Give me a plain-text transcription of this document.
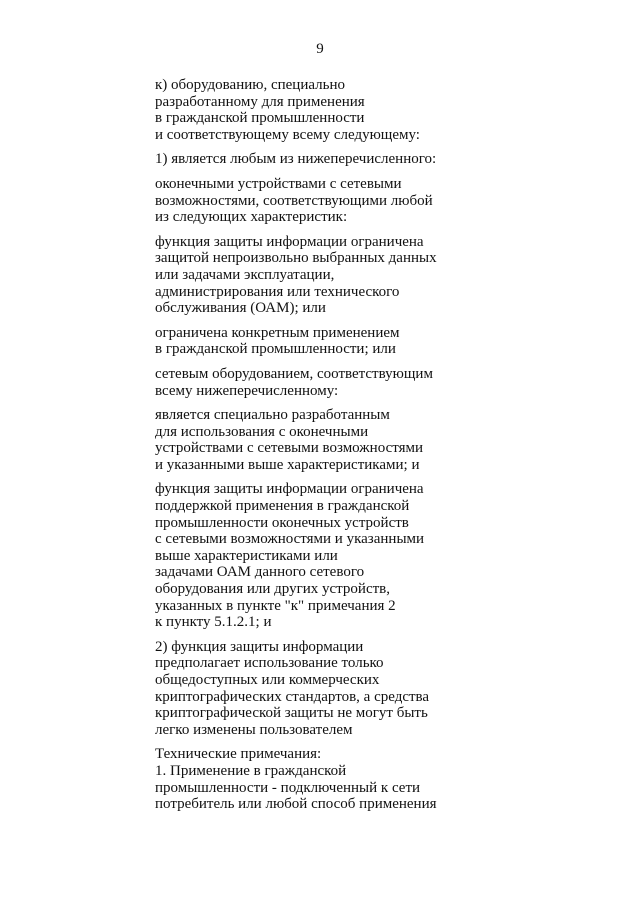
9
к) оборудованию, специально
разработанному для применения
в гражданской промышленности
и соответствующему всему следующему:
1) является любым из нижеперечисленного:
оконечными устройствами с сетевыми
возможностями, соответствующими любой
из следующих характеристик:
функция защиты информации ограничена
защитой непроизвольно выбранных данных
или задачами эксплуатации,
администрирования или технического
обслуживания (ОАМ); или
ограничена конкретным применением
в гражданской промышленности; или
сетевым оборудованием, соответствующим
всему нижеперечисленному:
является специально разработанным
для использования с оконечными
устройствами с сетевыми возможностями
и указанными выше характеристиками; и
функция защиты информации ограничена
поддержкой применения в гражданской
промышленности оконечных устройств
с сетевыми возможностями и указанными
выше характеристиками или
задачами ОАМ данного сетевого
оборудования или других устройств,
указанных в пункте "к" примечания 2
к пункту 5.1.2.1; и
2) функция защиты информации
предполагает использование только
общедоступных или коммерческих
криптографических стандартов, а средства
криптографической защиты не могут быть
легко изменены пользователем
Технические примечания:
1. Применение в гражданской
промышленности - подключенный к сети
потребитель или любой способ применения
